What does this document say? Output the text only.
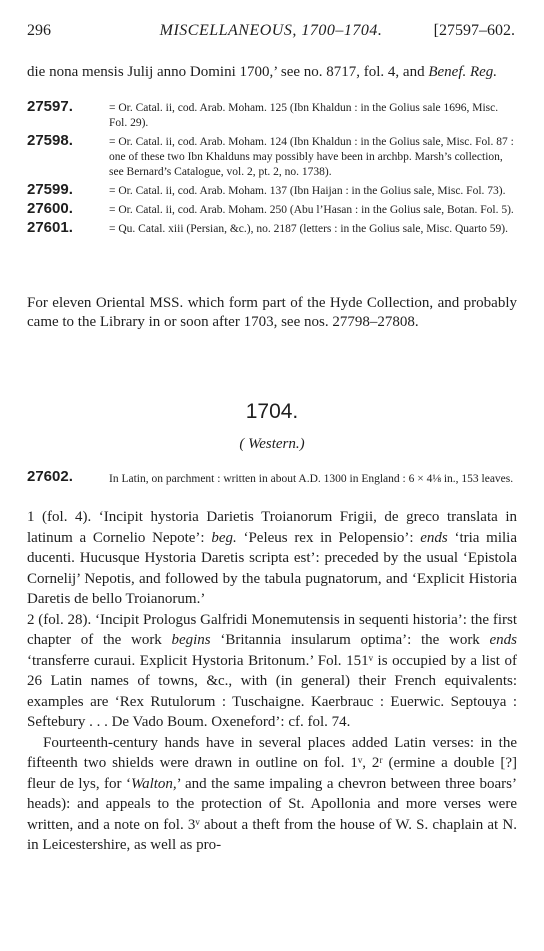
296	MISCELLANEOUS, 1700–1704.	[27597–602.
die nona mensis Julij anno Domini 1700,’ see no. 8717, fol. 4, and Benef. Reg.
27597.	= Or. Catal. ii, cod. Arab. Moham. 125 (Ibn Khaldun : in the Golius sale 1696, Misc. Fol. 29).
27598.	= Or. Catal. ii, cod. Arab. Moham. 124 (Ibn Khaldun : in the Golius sale, Misc. Fol. 87 : one of these two Ibn Khalduns may possibly have been in archbp. Marsh’s collection, see Bernard’s Catalogue, vol. 2, pt. 2, no. 1738).
27599.	= Or. Catal. ii, cod. Arab. Moham. 137 (Ibn Haijan : in the Golius sale, Misc. Fol. 73).
27600.	= Or. Catal. ii, cod. Arab. Moham. 250 (Abu l’Hasan : in the Golius sale, Botan. Fol. 5).
27601.	= Qu. Catal. xiii (Persian, &c.), no. 2187 (letters : in the Golius sale, Misc. Quarto 59).
For eleven Oriental MSS. which form part of the Hyde Collection, and probably came to the Library in or soon after 1703, see nos. 27798–27808.
1704.
( Western.)
27602.	In Latin, on parchment : written in about A.D. 1300 in England : 6 × 4⅛ in., 153 leaves.

1 (fol. 4). ‘Incipit hystoria Darietis Troianorum Frigii, de greco translata in latinum a Cornelio Nepote’: beg. ‘Peleus rex in Pelopensio’: ends ‘tria milia ducenti. Hucusque Hystoria Daretis scripta est’: preceded by the usual ‘Epistola Cornelij’ Nepotis, and followed by the tabula pugnatorum, and ‘Explicit Historia Daretis de bello Troianorum.’

2 (fol. 28). ‘Incipit Prologus Galfridi Monemutensis in sequenti historia’: the first chapter of the work begins ‘Britannia insularum optima’: the work ends ‘transferre curaui. Explicit Hystoria Britonum.’ Fol. 151ᵛ is occupied by a list of 26 Latin names of towns, &c., with (in general) their French equivalents: examples are ‘Rex Rutulorum : Tuschaigne. Kaerbrauc : Euerwic. Septouya : Seftebury . . . De Vado Boum. Oxeneford’: cf. fol. 74.

Fourteenth-century hands have in several places added Latin verses: in the fifteenth two shields were drawn in outline on fol. 1ᵛ, 2ʳ (ermine a double [?] fleur de lys, for ‘Walton,’ and the same impaling a chevron between three boars’ heads): and appeals to the protection of St. Apollonia and more verses were written, and a note on fol. 3ᵛ about a theft from the house of W. S. chaplain at N. in Leicestershire, as well as pro-
